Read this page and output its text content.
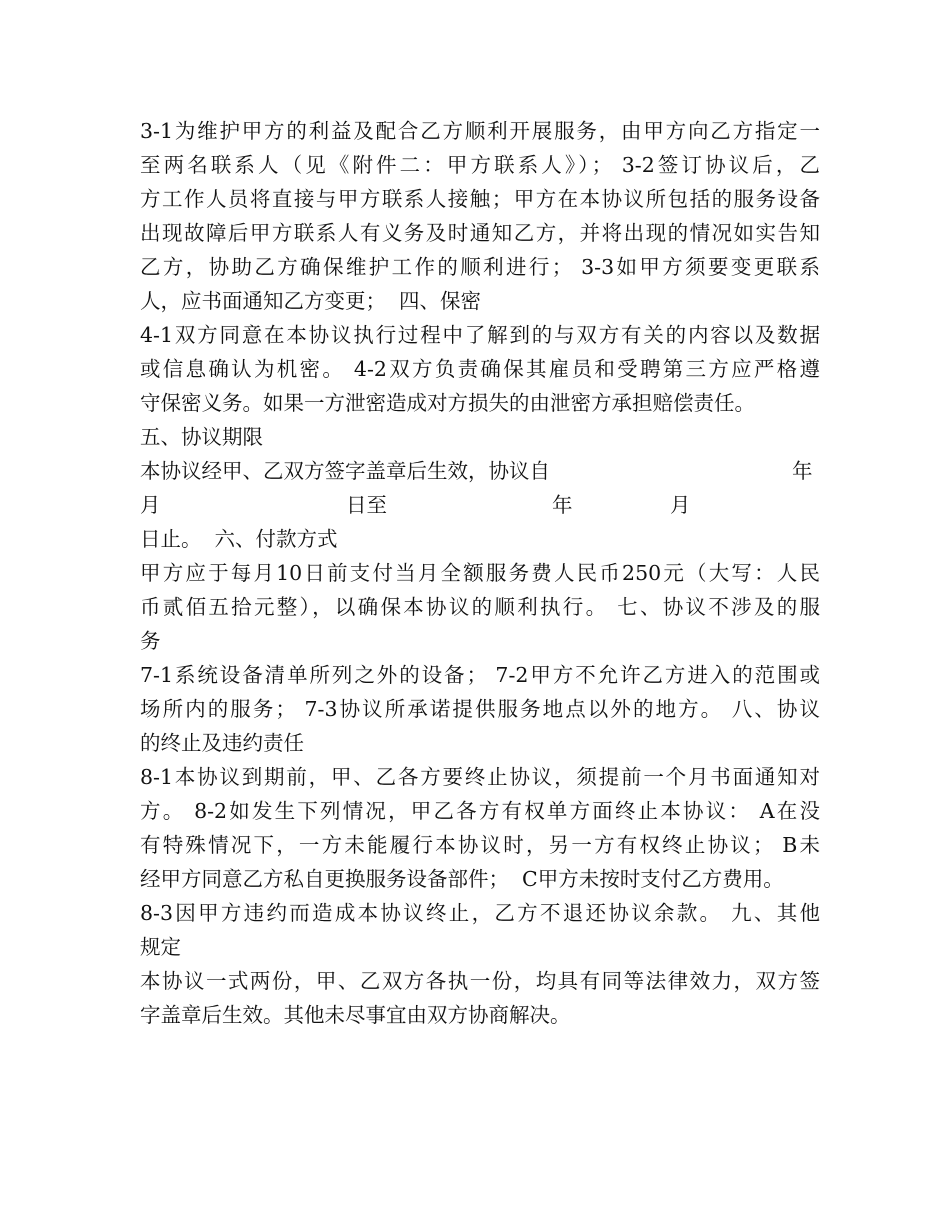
3-1为维护甲方的利益及配合乙方顺利开展服务，由甲方向乙方指定一
至两名联系人（见《附件二：甲方联系人》）； 3-2签订协议后，乙
方工作人员将直接与甲方联系人接触；甲方在本协议所包括的服务设备
出现故障后甲方联系人有义务及时通知乙方，并将出现的情况如实告知
乙方，协助乙方确保维护工作的顺利进行； 3-3如甲方须要变更联系
人，应书面通知乙方变更；  四、保密
4-1双方同意在本协议执行过程中了解到的与双方有关的内容以及数据
或信息确认为机密。 4-2双方负责确保其雇员和受聘第三方应严格遵
守保密义务。如果一方泄密造成对方损失的由泄密方承担赔偿责任。
五、协议期限
本协议经甲、乙双方签字盖章后生效，协议自	年
月	日至	年	月
日止。  六、付款方式
甲方应于每月10日前支付当月全额服务费人民币250元（大写：人民
币贰佰五拾元整），以确保本协议的顺利执行。 七、协议不涉及的服
务
7-1系统设备清单所列之外的设备； 7-2甲方不允许乙方进入的范围或
场所内的服务； 7-3协议所承诺提供服务地点以外的地方。 八、协议
的终止及违约责任
8-1本协议到期前，甲、乙各方要终止协议，须提前一个月书面通知对
方。 8-2如发生下列情况，甲乙各方有权单方面终止本协议： A在没
有特殊情况下，一方未能履行本协议时，另一方有权终止协议； B未
经甲方同意乙方私自更换服务设备部件；  C甲方未按时支付乙方费用。
8-3因甲方违约而造成本协议终止，乙方不退还协议余款。 九、其他
规定
本协议一式两份，甲、乙双方各执一份，均具有同等法律效力，双方签
字盖章后生效。其他未尽事宜由双方协商解决。
